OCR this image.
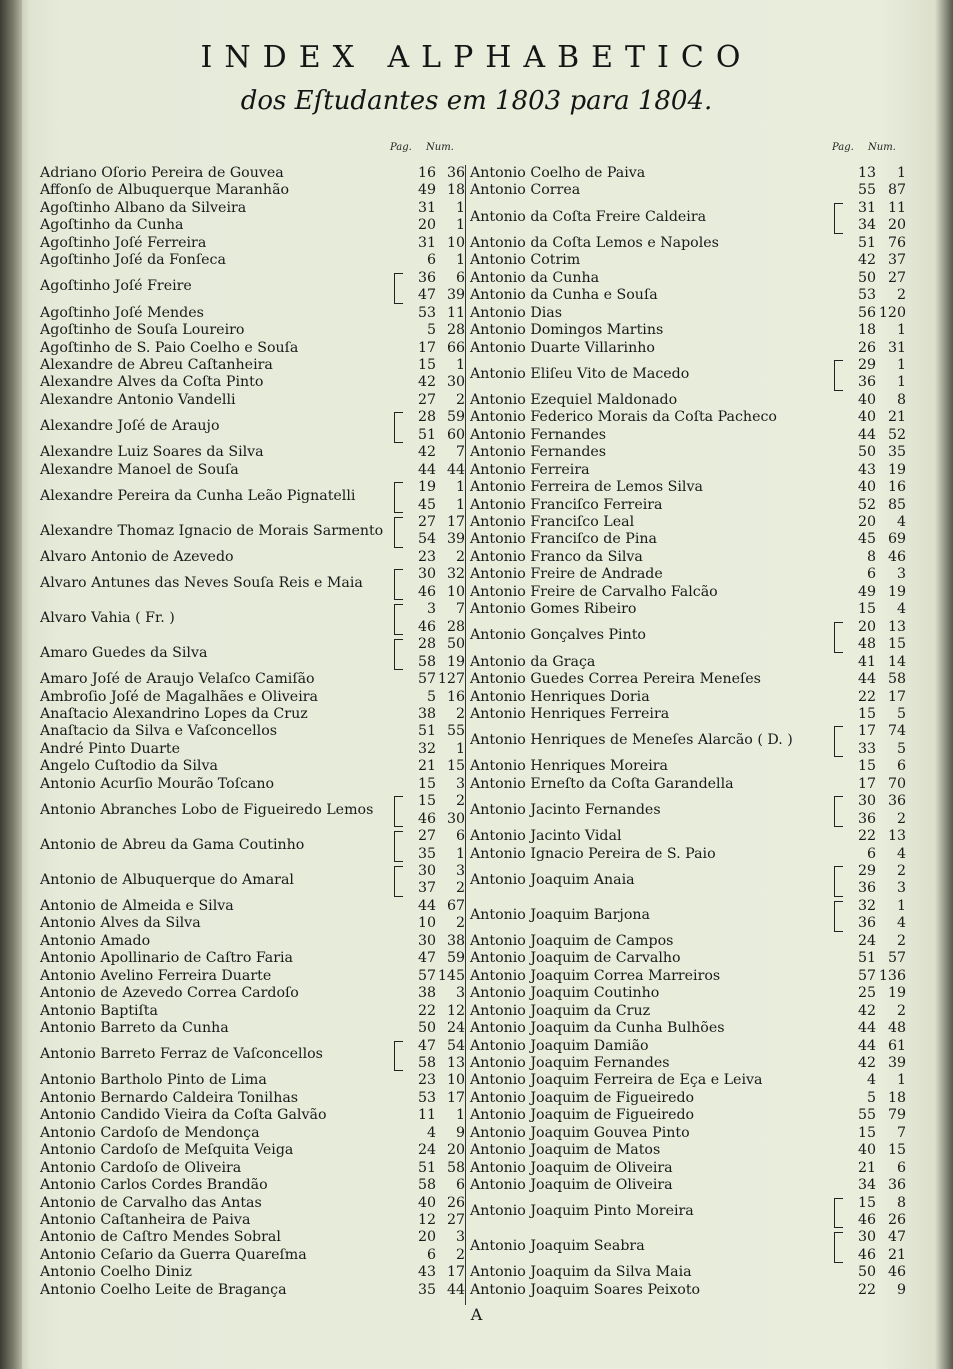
INDEX ALPHABETICO
dos Eſtudantes em 1803 para 1804.
Pag. Num.	Pag. Num.
Adriano Oſorio Pereira de Gouvea	16 36
Affonſo de Albuquerque Maranhão	49 18
Agoſtinho Albano da Silveira	31	1
Agoſtinho da Cunha	20	1
Agoſtinho Joſé Ferreira	31 10
Agoſtinho Joſé da Fonſeca	6	1
Agoſtinho Joſé Freire
36	6
47 39
Agoſtinho Joſé Mendes	53 11
Agoſtinho de Souſa Loureiro	5 28
Agoſtinho de S. Paio Coelho e Souſa	17 66
Alexandre de Abreu Caſtanheira	15	1
Alexandre Alves da Coſta Pinto	42 30
Alexandre Antonio Vandelli	27	2
Alexandre Joſé de Araujo
28 59
51 60
Alexandre Luiz Soares da Silva	42	7
Alexandre Manoel de Souſa	44 44
Alexandre Pereira da Cunha Leão Pignatelli
19	1
45	1
Alexandre Thomaz Ignacio de Morais Sarmento
27 17
54 39
Alvaro Antonio de Azevedo	23	2
Alvaro Antunes das Neves Souſa Reis e Maia
30 32
46 10
Alvaro Vahia ( Fr. )
3	7
46 28
Amaro Guedes da Silva
28 50
58 19
Amaro Joſé de Araujo Velaſco Camiſão	57 127
Ambroſio Joſé de Magalhães e Oliveira	5 16
Anaſtacio Alexandrino Lopes da Cruz	38	2
Anaſtacio da Silva e Vaſconcellos	51 55
André Pinto Duarte	32	1
Angelo Cuſtodio da Silva	21 15
Antonio Acurſio Mourão Toſcano	15	3
Antonio Abranches Lobo de Figueiredo Lemos
15	2
46 30
Antonio de Abreu da Gama Coutinho
27	6
35	1
Antonio de Albuquerque do Amaral
30	3
37	2
Antonio de Almeida e Silva	44 67
Antonio Alves da Silva	10	2
Antonio Amado	30 38
Antonio Apollinario de Caſtro Faria	47 59
Antonio Avelino Ferreira Duarte	57 145
Antonio de Azevedo Correa Cardoſo	38	3
Antonio Baptiſta	22 12
Antonio Barreto da Cunha	50 24
Antonio Barreto Ferraz de Vaſconcellos
47 54
58 13
Antonio Bartholo Pinto de Lima	23 10
Antonio Bernardo Caldeira Tonilhas	53 17
Antonio Candido Vieira da Coſta Galvão	11	1
Antonio Cardoſo de Mendonça	4	9
Antonio Cardoſo de Meſquita Veiga	24 20
Antonio Cardoſo de Oliveira	51 58
Antonio Carlos Cordes Brandão	58	6
Antonio de Carvalho das Antas	40 26
Antonio Caſtanheira de Paiva	12 27
Antonio de Caſtro Mendes Sobral	20	3
Antonio Ceſario da Guerra Quareſma	6	2
Antonio Coelho Diniz	43 17
Antonio Coelho Leite de Bragança	35 44
Antonio Coelho de Paiva	13	1
Antonio Correa	55 87
Antonio da Coſta Freire Caldeira
31 11
34 20
Antonio da Coſta Lemos e Napoles	51 76
Antonio Cotrim	42 37
Antonio da Cunha	50 27
Antonio da Cunha e Souſa	53	2
Antonio Dias	56 120
Antonio Domingos Martins	18	1
Antonio Duarte Villarinho	26 31
Antonio Eliſeu Vito de Macedo
29	1
36	1
Antonio Ezequiel Maldonado	40	8
Antonio Federico Morais da Coſta Pacheco	40 21
Antonio Fernandes	44 52
Antonio Fernandes	50 35
Antonio Ferreira	43 19
Antonio Ferreira de Lemos Silva	40 16
Antonio Franciſco Ferreira	52 85
Antonio Franciſco Leal	20	4
Antonio Franciſco de Pina	45 69
Antonio Franco da Silva	8 46
Antonio Freire de Andrade	6	3
Antonio Freire de Carvalho Falcão	49 19
Antonio Gomes Ribeiro	15	4
Antonio Gonçalves Pinto
20 13
48 15
Antonio da Graça	41 14
Antonio Guedes Correa Pereira Meneſes	44 58
Antonio Henriques Doria	22 17
Antonio Henriques Ferreira	15	5
Antonio Henriques de Meneſes Alarcão ( D. )
17 74
33	5
Antonio Henriques Moreira	15	6
Antonio Erneſto da Coſta Garandella	17 70
Antonio Jacinto Fernandes
30 36
36	2
Antonio Jacinto Vidal	22 13
Antonio Ignacio Pereira de S. Paio	6	4
Antonio Joaquim Anaia
29	2
36	3
Antonio Joaquim Barjona
32	1
36	4
Antonio Joaquim de Campos	24	2
Antonio Joaquim de Carvalho	51 57
Antonio Joaquim Correa Marreiros	57 136
Antonio Joaquim Coutinho	25 19
Antonio Joaquim da Cruz	42	2
Antonio Joaquim da Cunha Bulhões	44 48
Antonio Joaquim Damião	44 61
Antonio Joaquim Fernandes	42 39
Antonio Joaquim Ferreira de Eça e Leiva	4	1
Antonio Joaquim de Figueiredo	5 18
Antonio Joaquim de Figueiredo	55 79
Antonio Joaquim Gouvea Pinto	15	7
Antonio Joaquim de Matos	40 15
Antonio Joaquim de Oliveira	21	6
Antonio Joaquim de Oliveira	34 36
Antonio Joaquim Pinto Moreira
15	8
46 26
Antonio Joaquim Seabra
30 47
46 21
Antonio Joaquim da Silva Maia	50 46
Antonio Joaquim Soares Peixoto	22	9
A
